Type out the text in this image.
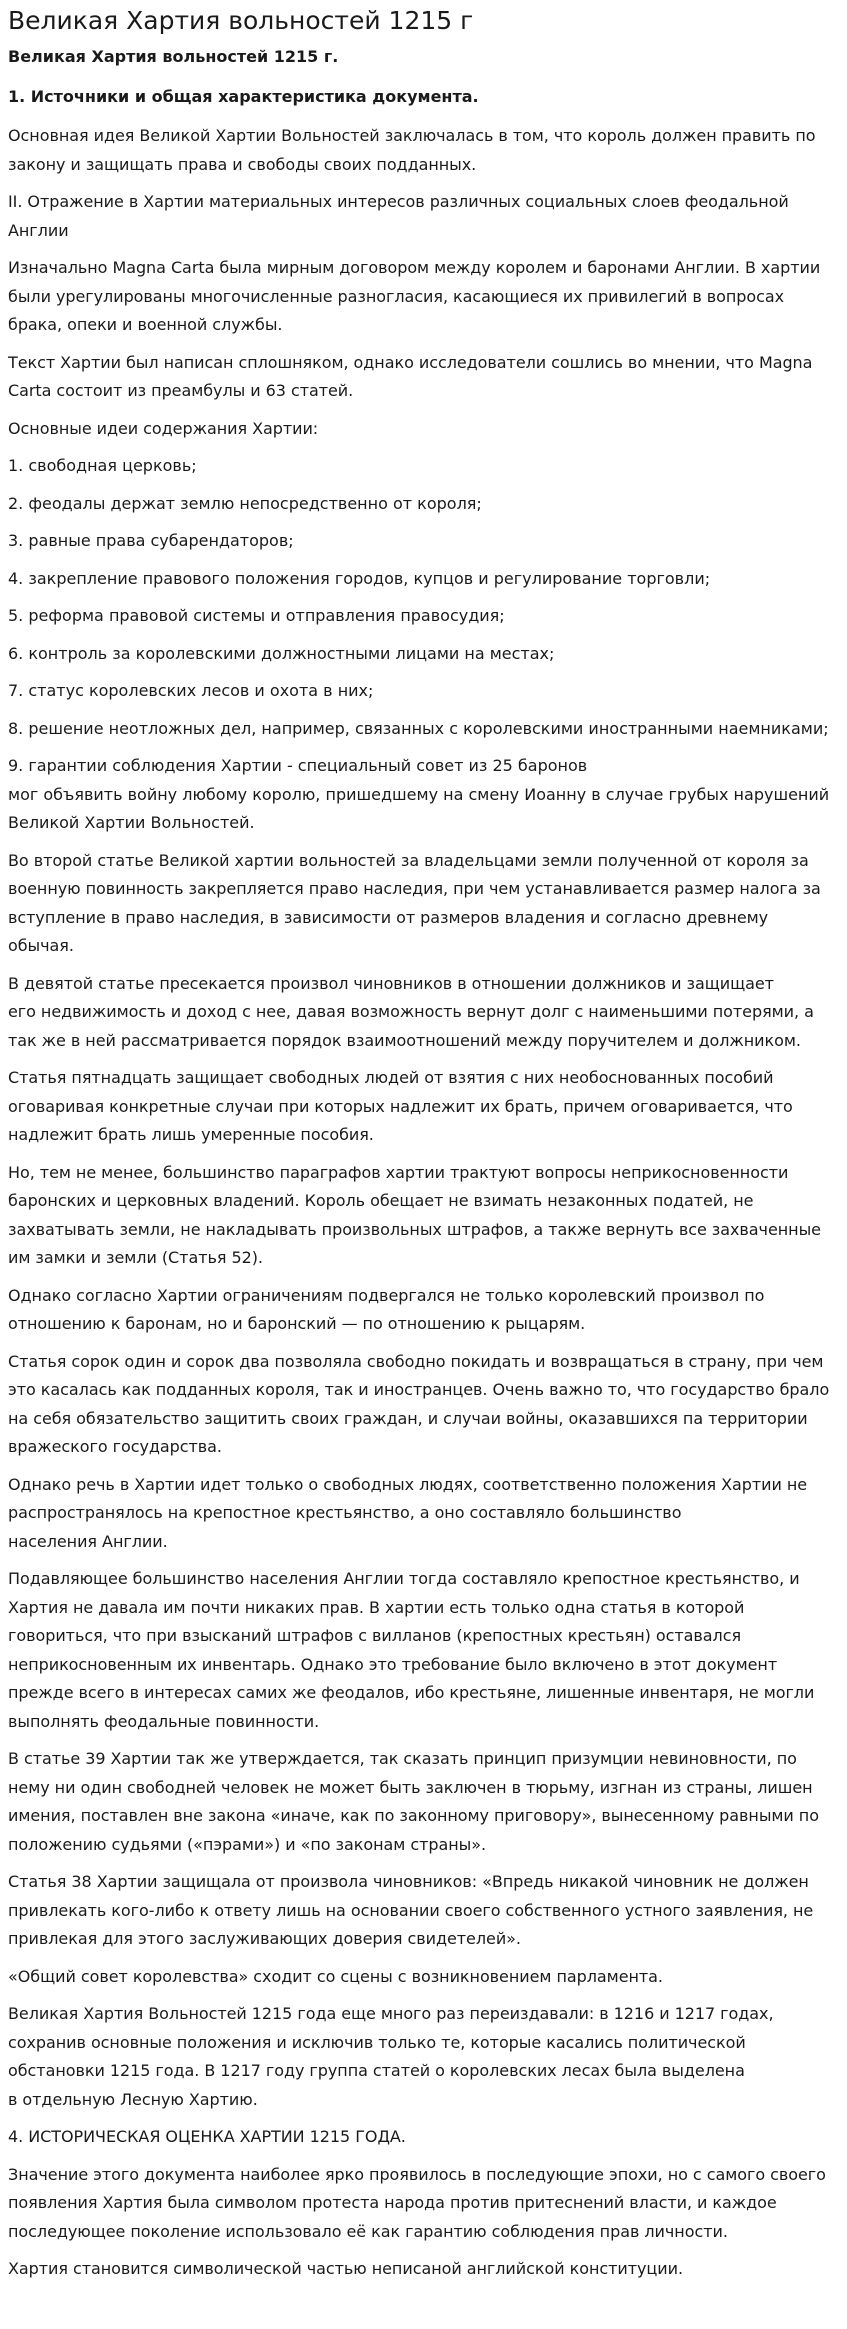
Великая Хартия вольностей 1215 г
Великая Хартия вольностей 1215 г.
1. Источники и общая характеристика документа.

Основная идея Великой Хартии Вольностей заключалась в том, что король должен править по закону и защищать права и свободы своих подданных.

II. Отражение в Хартии материальных интересов различных социальных слоев феодальной Англии

Изначально Magna Carta была мирным договором между королем и баронами Англии. В хартии были урегулированы многочисленные разногласия, касающиеся их привилегий в вопросах брака, опеки и военной службы.

Текст Хартии был написан сплошняком, однако исследователи сошлись во мнении, что Magna Carta состоит из преамбулы и 63 статей.

Основные идеи содержания Хартии:

1. свободная церковь;
2. феодалы держат землю непосредственно от короля;
3. равные права субарендаторов;
4. закрепление правового положения городов, купцов и регулирование торговли;
5. реформа правовой системы и отправления правосудия;
6. контроль за королевскими должностными лицами на местах;
7. статус королевских лесов и охота в них;
8. решение неотложных дел, например, связанных с королевскими иностранными наемниками;
9. гарантии соблюдения Хартии - специальный совет из 25 баронов
мог объявить войну любому королю, пришедшему на смену Иоанну в случае грубых нарушений Великой Хартии Вольностей.

Во второй статье Великой хартии вольностей за владельцами земли полученной от короля за военную повинность закрепляется право наследия, при чем устанавливается размер налога за вступление в право наследия, в зависимости от размеров владения и согласно древнему обычая.

В девятой статье пресекается произвол чиновников в отношении должников и защищает
его недвижимость и доход с нее, давая возможность вернут долг с наименьшими потерями, а так же в ней рассматривается порядок взаимоотношений между поручителем и должником.

Статья пятнадцать защищает свободных людей от взятия с них необоснованных пособий оговаривая конкретные случаи при которых надлежит их брать, причем оговаривается, что надлежит брать лишь умеренные пособия.

Но, тем не менее, большинство параграфов хартии трактуют вопросы неприкосновенности баронских и церковных владений. Король обещает не взимать незаконных податей, не захватывать земли, не накладывать произвольных штрафов, а также вернуть все захваченные им замки и земли (Статья 52).

Однако согласно Хартии ограничениям подвергался не только королевский произвол по отношению к баронам, но и баронский — по отношению к рыцарям.

Статья сорок один и сорок два позволяла свободно покидать и возвращаться в страну, при чем это касалась как подданных короля, так и иностранцев. Очень важно то, что государство брало на себя обязательство защитить своих граждан, и случаи войны, оказавшихся па территории вражеского государства.

Однако речь в Хартии идет только о свободных людях, соответственно положения Хартии не распространялось на крепостное крестьянство, а оно составляло большинство
населения Англии.

Подавляющее большинство населения Англии тогда составляло крепостное крестьянство, и Хартия не давала им почти никаких прав. В хартии есть только одна статья в которой говориться, что при взысканий штрафов с вилланов (крепостных крестьян) оставался неприкосновенным их инвентарь. Однако это требование было включено в этот документ прежде всего в интересах самих же феодалов, ибо крестьяне, лишенные инвентаря, не могли выполнять феодальные повинности.

В статье 39 Хартии так же утверждается, так сказать принцип призумции невиновности, по нему ни один свободней человек не может быть заключен в тюрьму, изгнан из страны, лишен имения, поставлен вне закона «иначе, как по законному приговору», вынесенному равными по положению судьями («пэрами») и «по законам страны».

Статья 38 Хартии защищала от произвола чиновников: «Впредь никакой чиновник не должен привлекать кого-либо к ответу лишь на основании своего собственного устного заявления, не привлекая для этого заслуживающих доверия свидетелей».

«Общий совет королевства» сходит со сцены с возникновением парламента.

Великая Хартия Вольностей 1215 года еще много раз переиздавали: в 1216 и 1217 годах, сохранив основные положения и исключив только те, которые касались политической обстановки 1215 года. В 1217 году группа статей о королевских лесах была выделена
в отдельную Лесную Хартию.

4. ИСТОРИЧЕСКАЯ ОЦЕНКА ХАРТИИ 1215 ГОДА.

Значение этого документа наиболее ярко проявилось в последующие эпохи, но с самого своего появления Хартия была символом протеста народа против притеснений власти, и каждое последующее поколение использовало её как гарантию соблюдения прав личности.

Хартия становится символической частью неписаной английской конституции.
